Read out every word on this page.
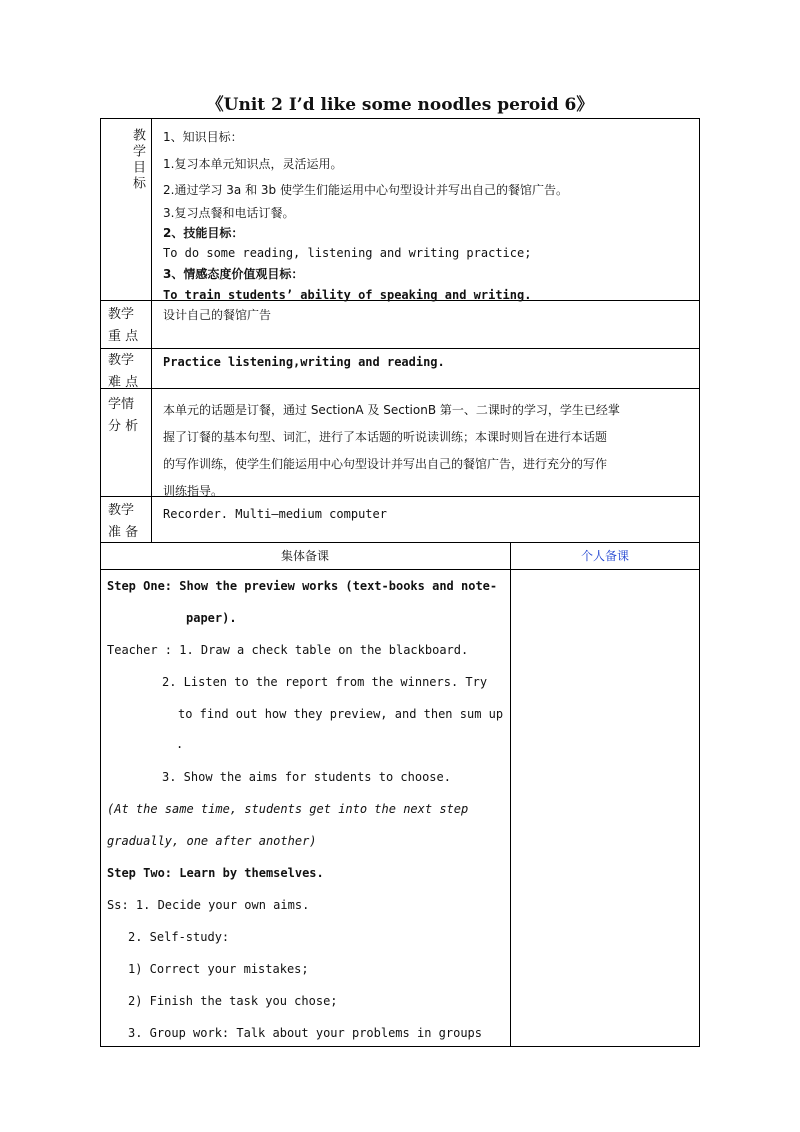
《Unit 2 I’d like some noodles peroid 6》
教学目标 1、知识目标：
1.复习本单元知识点，灵活运用。
2.通过学习 3a 和 3b 使学生们能运用中心句型设计并写出自己的餐馆广告。
3.复习点餐和电话订餐。
2、技能目标：
To do some reading, listening and writing practice;
3、情感态度价值观目标：
To train students’ ability of speaking and writing.
教学
重 点
设计自己的餐馆广告
教学
难 点
Practice listening,writing and reading.
学情
分 析
本单元的话题是订餐，通过 SectionA 及 SectionB 第一、二课时的学习，学生已经掌
握了订餐的基本句型、词汇，进行了本话题的听说读训练；本课时则旨在进行本话题
的写作训练，使学生们能运用中心句型设计并写出自己的餐馆广告，进行充分的写作
训练指导。
教学
准 备
Recorder. Multi—medium computer
集体备课	个人备课
Step One: Show the preview works (text-books and note-
paper).
Teacher : 1. Draw a check table on the blackboard.
2. Listen to the report from the winners. Try
to find out how they preview, and then sum up
.
3. Show the aims for students to choose.
(At the same time, students get into the next step
gradually, one after another)
Step Two: Learn by themselves.
Ss: 1. Decide your own aims.
2. Self-study:
1) Correct your mistakes;
2) Finish the task you chose;
3. Group work: Talk about your problems in groups
